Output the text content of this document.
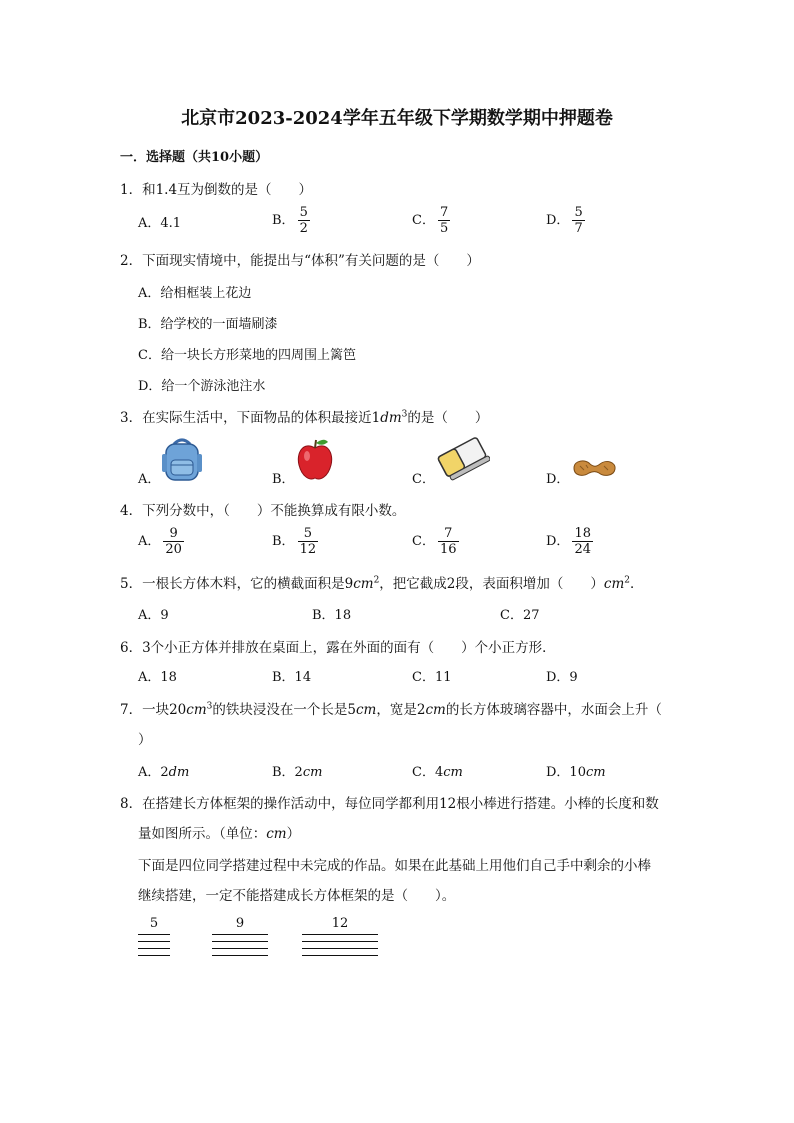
北京市2023-2024学年五年级下学期数学期中押题卷
一．选择题（共10小题）
1．和1.4互为倒数的是（　　）
A．4.1	B． $\frac{5}{2}$	C． $\frac{7}{5}$	D． $\frac{5}{7}$
2．下面现实情境中，能提出与“体积”有关问题的是（　　）
A．给相框装上花边
B．给学校的一面墙刷漆
C．给一块长方形菜地的四周围上篱笆
D．给一个游泳池注水
3．在实际生活中，下面物品的体积最接近$1dm^3$的是（　　）
A．	B．	C．	D．
4．下列分数中，（　　）不能换算成有限小数。
A． $\frac{9}{20}$	B． $\frac{5}{12}$	C． $\frac{7}{16}$	D． $\frac{18}{24}$
5．一根长方体木料，它的横截面积是$9cm^2$，把它截成2段，表面积增加（　　）$cm^2$．
A．9	B．18	C．27
6．3个小正方体并排放在桌面上，露在外面的面有（　　）个小正方形．
A．18	B．14	C．11	D．9
7．一块$20cm^3$的铁块浸没在一个长是5cm，宽是2cm的长方体玻璃容器中，水面会上升（
）
A．2dm	B．2cm	C．4cm	D．10cm
8．在搭建长方体框架的操作活动中，每位同学都利用12根小棒进行搭建。小棒的长度和数
量如图所示。（单位：cm）
下面是四位同学搭建过程中未完成的作品。如果在此基础上用他们自己手中剩余的小棒
继续搭建，一定不能搭建成长方体框架的是（　　）。
5	9	12
